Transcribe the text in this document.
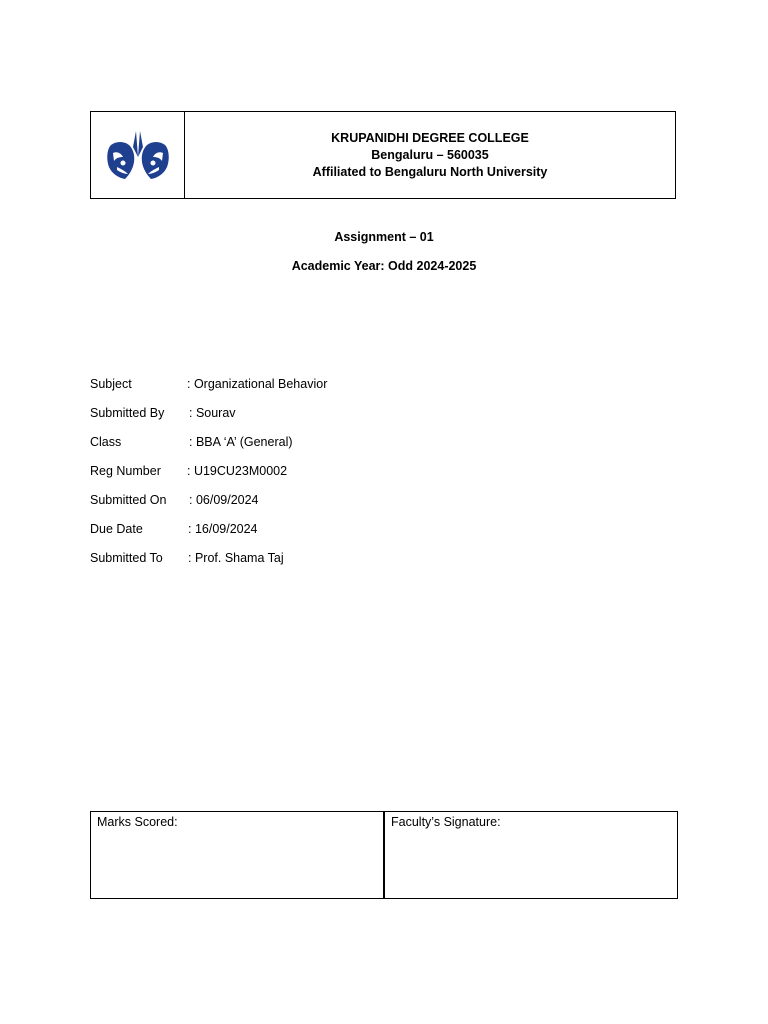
KRUPANIDHI DEGREE COLLEGE
Bengaluru – 560035
Affiliated to Bengaluru North University
Assignment – 01
Academic Year: Odd 2024-2025
Subject	: Organizational Behavior
Submitted By : Sourav
Class	: BBA ‘A’ (General)
Reg Number : U19CU23M0002
Submitted On : 06/09/2024
Due Date	: 16/09/2024
Submitted To : Prof. Shama Taj
Marks Scored:	Faculty’s Signature:
